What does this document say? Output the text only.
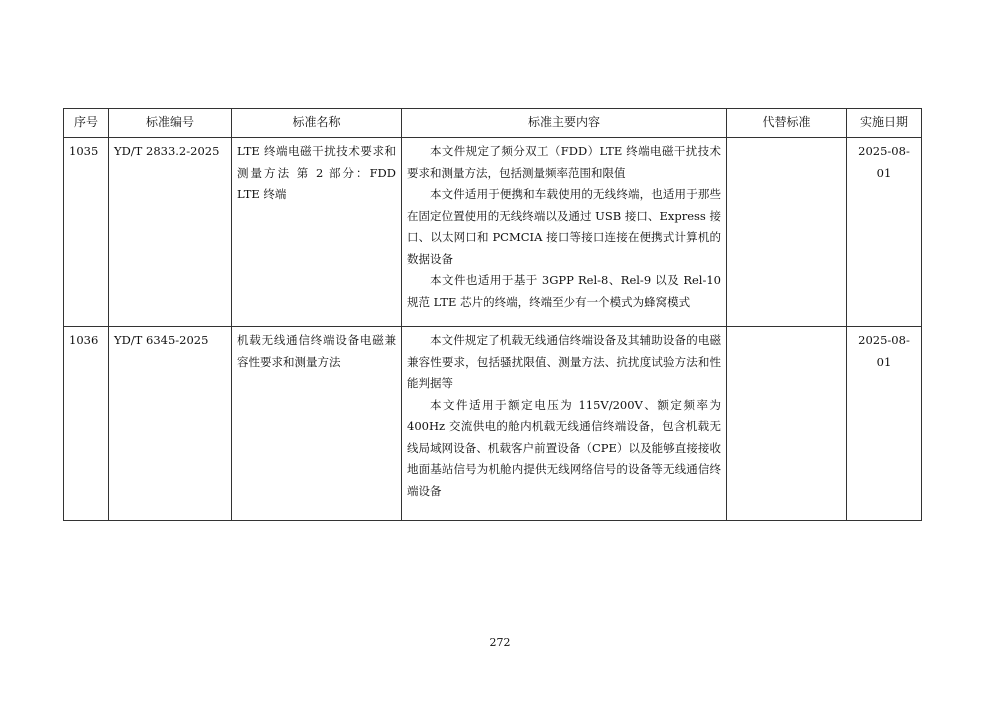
序号	标准编号	标准名称	标准主要内容	代替标准	实施日期
1035	YD/T 2833.2-2025	LTE 终端电磁干扰技术要求和测量方法 第 2 部分：FDD LTE 终端	本文件规定了频分双工（FDD）LTE 终端电磁干扰技术要求和测量方法，包括测量频率范围和限值
本文件适用于便携和车载使用的无线终端，也适用于那些在固定位置使用的无线终端以及通过 USB 接口、Express 接口、以太网口和 PCMCIA 接口等接口连接在便携式计算机的数据设备
本文件也适用于基于 3GPP Rel-8、Rel-9 以及 Rel-10 规范 LTE 芯片的终端，终端至少有一个模式为蜂窝模式		2025-08-01
1036	YD/T 6345-2025	机载无线通信终端设备电磁兼容性要求和测量方法	本文件规定了机载无线通信终端设备及其辅助设备的电磁兼容性要求，包括骚扰限值、测量方法、抗扰度试验方法和性能判据等
本文件适用于额定电压为 115V/200V、额定频率为 400Hz 交流供电的舱内机载无线通信终端设备，包含机载无线局域网设备、机载客户前置设备（CPE）以及能够直接接收地面基站信号为机舱内提供无线网络信号的设备等无线通信终端设备		2025-08-01
272
